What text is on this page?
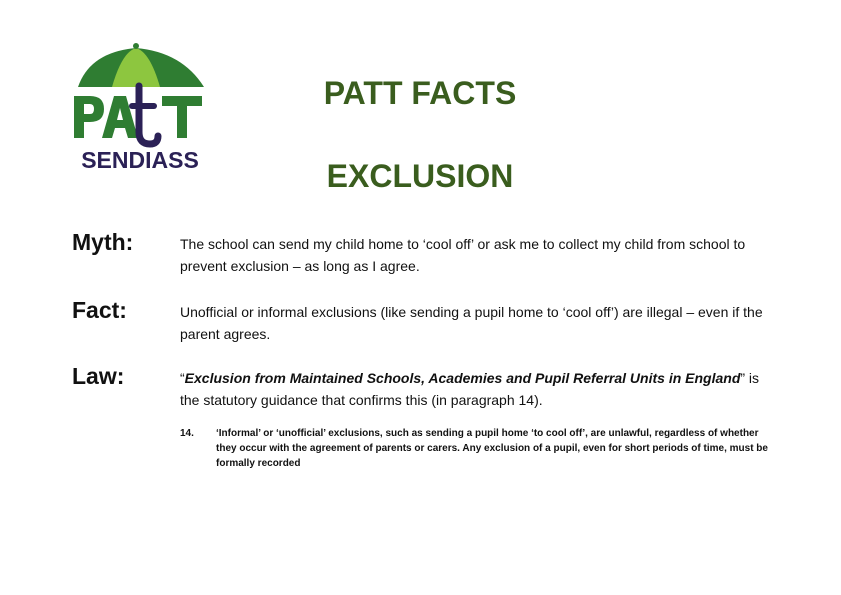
SENDIASS
PATT FACTS
EXCLUSION
Myth:	The school can send my child home to ‘cool off’ or ask me to collect my child from school to prevent exclusion – as long as I agree.
Fact:	Unofficial or informal exclusions (like sending a pupil home to ‘cool off’) are illegal – even if the parent agrees.
Law:	“Exclusion from Maintained Schools, Academies and Pupil Referral Units in England” is
the statutory guidance that confirms this (in paragraph 14).
14. ‘Informal’ or ‘unofficial’ exclusions, such as sending a pupil home ‘to cool off’, are unlawful, regardless of whether they occur with the agreement of parents or carers. Any exclusion of a pupil, even for short periods of time, must be formally recorded
